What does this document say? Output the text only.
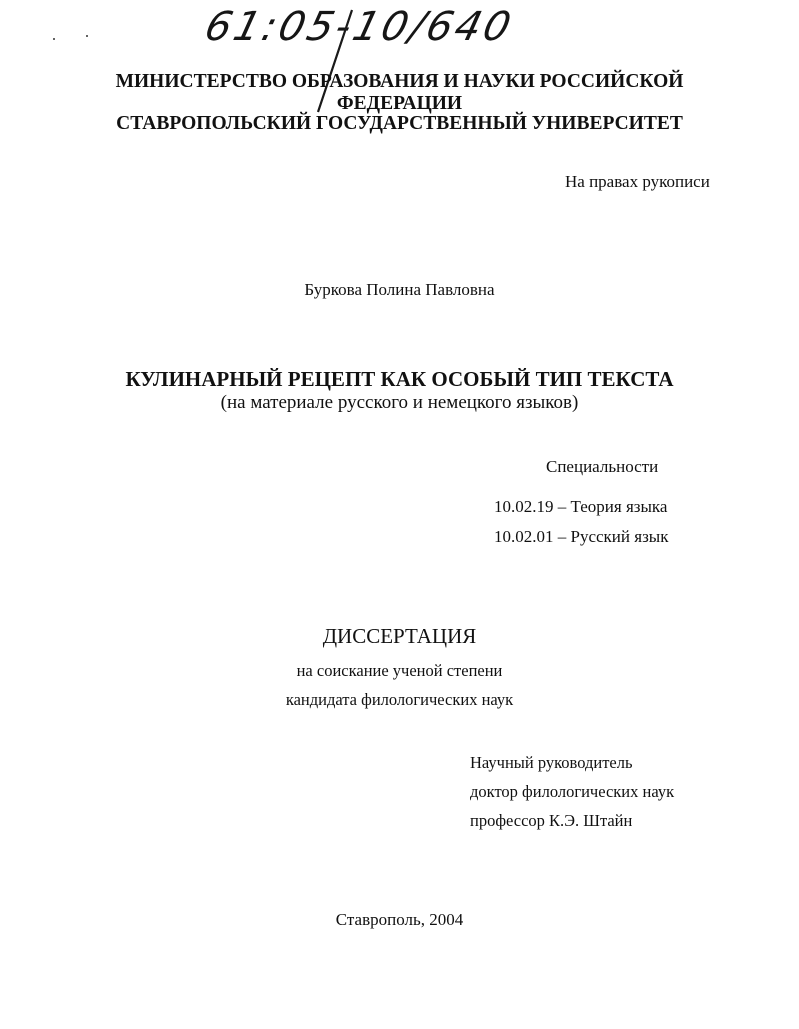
61:05-10/640

МИНИСТЕРСТВО ОБРАЗОВАНИЯ И НАУКИ РОССИЙСКОЙ

ФЕДЕРАЦИИ

СТАВРОПОЛЬСКИЙ ГОСУДАРСТВЕННЫЙ УНИВЕРСИТЕТ

На правах рукописи

Буркова Полина Павловна

КУЛИНАРНЫЙ РЕЦЕПТ КАК ОСОБЫЙ ТИП ТЕКСТА

(на материале русского и немецкого языков)

Специальности

10.02.19 – Теория языка

10.02.01 – Русский язык

ДИССЕРТАЦИЯ

на соискание ученой степени

кандидата филологических наук

Научный руководитель

доктор филологических наук

профессор К.Э. Штайн

Ставрополь, 2004
